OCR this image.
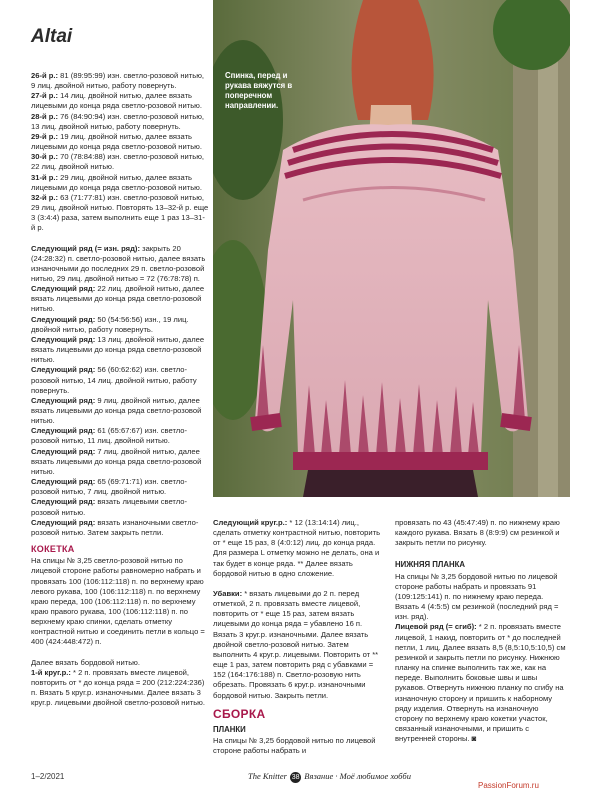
Altai

26-й р.: 81 (89:95:99) изн. светло-розовой нитью, 9 лиц. двойной нитью, работу повернуть.

27-й р.: 14 лиц. двойной нитью, далее вязать лицевыми до конца ряда светло-розовой нитью.

28-й р.: 76 (84:90:94) изн. светло-розовой нитью, 13 лиц. двойной нитью, работу повернуть.

29-й р.: 19 лиц. двойной нитью, далее вязать лицевыми до конца ряда светло-розовой нитью.

30-й р.: 70 (78:84:88) изн. светло-розовой нитью, 22 лиц. двойной нитью.

31-й р.: 29 лиц. двойной нитью, далее вязать лицевыми до конца ряда светло-розовой нитью.

32-й р.: 63 (71:77:81) изн. светло-розовой нитью, 29 лиц. двойной нитью. Повторять 13–32-й р. еще 3 (3:4:4) раза, затем выполнить еще 1 раз 13–31-й р.

Следующий ряд (= изн. ряд): закрыть 20 (24:28:32) п. светло-розовой нитью, далее вязать изнаночными до последних 29 п. светло-розовой нитью, 29 лиц. двойной нитью = 72 (76:78:78) п.

Следующий ряд: 22 лиц. двойной нитью, далее вязать лицевыми до конца ряда светло-розовой нитью.

Следующий ряд: 50 (54:56:56) изн., 19 лиц. двойной нитью, работу повернуть.

Следующий ряд: 13 лиц. двойной нитью, далее вязать лицевыми до конца ряда светло-розовой нитью.

Следующий ряд: 56 (60:62:62) изн. светло-розовой нитью, 14 лиц. двойной нитью, работу повернуть.

Следующий ряд: 9 лиц. двойной нитью, далее вязать лицевыми до конца ряда светло-розовой нитью.

Следующий ряд: 61 (65:67:67) изн. светло-розовой нитью, 11 лиц. двойной нитью.

Следующий ряд: 7 лиц. двойной нитью, далее вязать лицевыми до конца ряда светло-розовой нитью.

Следующий ряд: 65 (69:71:71) изн. светло-розовой нитью, 7 лиц. двойной нитью.

Следующий ряд: вязать лицевыми светло-розовой нитью.

Следующий ряд: вязать изнаночными светло-розовой нитью. Затем закрыть петли.

КОКЕТКА

На спицы № 3,25 светло-розовой нитью по лицевой стороне работы равномерно набрать и провязать 100 (106:112:118) п. по верхнему краю левого рукава, 100 (106:112:118) п. по верхнему краю переда, 100 (106:112:118) п. по верхнему краю правого рукава, 100 (106:112:118) п. по верхнему краю спинки, сделать отметку контрастной нитью и соединить петли в кольцо = 400 (424:448:472) п.

Далее вязать бордовой нитью.

1-й круг.р.: * 2 п. провязать вместе лицевой, повторить от * до конца ряда = 200 (212:224:236) п. Вязать 5 круг.р. изнаночными. Далее вязать 3 круг.р. лицевыми двойной светло-розовой нитью.

Спинка, перед и рукава вяжутся в поперечном направлении.

Следующий круг.р.: * 12 (13:14:14) лиц., сделать отметку контрастной нитью, повторить от * еще 15 раз, 8 (4:0:12) лиц. до конца ряда. Для размера L отметку можно не делать, она и так будет в конце ряда. ** Далее вязать бордовой нитью в одно сложение.

Убавки: * вязать лицевыми до 2 п. перед отметкой, 2 п. провязать вместе лицевой, повторить от * еще 15 раз, затем вязать лицевыми до конца ряда = убавлено 16 п. Вязать 3 круг.р. изнаночными. Далее вязать двойной светло-розовой нитью. Затем выполнить 4 круг.р. лицевыми. Повторить от ** еще 1 раз, затем повторить ряд с убавками = 152 (164:176:188) п. Светло-розовую нить обрезать. Провязать 6 круг.р. изнаночными бордовой нитью. Закрыть петли.

СБОРКА
ПЛАНКИ

На спицы № 3,25 бордовой нитью по лицевой стороне работы набрать и

провязать по 43 (45:47:49) п. по нижнему краю каждого рукава. Вязать 8 (8:9:9) см резинкой и закрыть петли по рисунку.

НИЖНЯЯ ПЛАНКА

На спицы № 3,25 бордовой нитью по лицевой стороне работы набрать и провязать 91 (109:125:141) п. по нижнему краю переда. Вязать 4 (4:5:5) см резинкой (последний ряд = изн. ряд).

Лицевой ряд (= сгиб): * 2 п. провязать вместе лицевой, 1 накид, повторить от * до последней петли, 1 лиц. Далее вязать 8,5 (8,5:10,5:10,5) см резинкой и закрыть петли по рисунку. Нижнюю планку на спинке выполнить так же, как на переде. Выполнить боковые швы и швы рукавов. Отвернуть нижнюю планку по сгибу на изнаночную сторону и пришить к наборному ряду изделия. Отвернуть на изнаночную сторону по верхнему краю кокетки участок, связанный изнаночными, и пришить с внутренней стороны. ◙

1–2/2021	The Knitter 38 Вязание · Моё любимое хобби
PassionForum.ru
